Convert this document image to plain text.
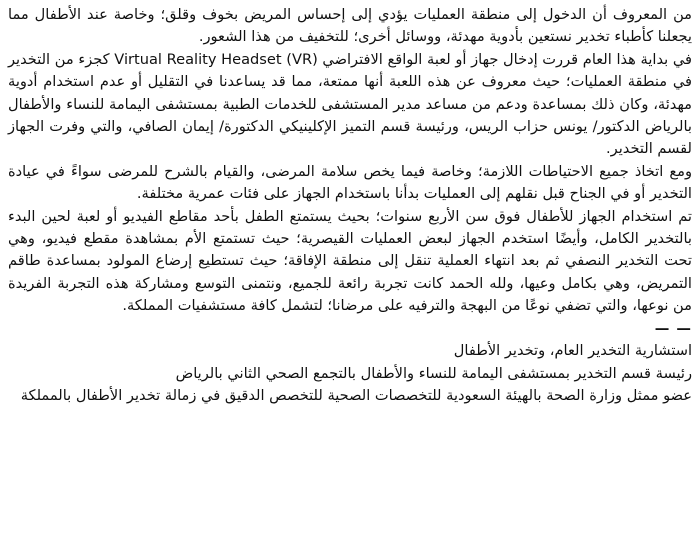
من المعروف أن الدخول إلى منطقة العمليات يؤدي إلى إحساس المريض بخوف وقلق؛ وخاصة عند الأطفال مما يجعلنا كأطباء تخدير نستعين بأدوية مهدئة، ووسائل أخرى؛ للتخفيف من هذا الشعور.

في بداية هذا العام قررت إدخال جهاز أو لعبة الواقع الافتراضي Virtual Reality Headset (VR) كجزء من التخدير في منطقة العمليات؛ حيث معروف عن هذه اللعبة أنها ممتعة، مما قد يساعدنا في التقليل أو عدم استخدام أدوية مهدئة، وكان ذلك بمساعدة ودعم من مساعد مدير المستشفى للخدمات الطبية بمستشفى اليمامة للنساء والأطفال بالرياض الدكتور/ يونس حزاب الريس، ورئيسة قسم التميز الإكلينيكي الدكتورة/ إيمان الصافي، والتي وفرت الجهاز لقسم التخدير.

ومع اتخاذ جميع الاحتياطات اللازمة؛ وخاصة فيما يخص سلامة المرضى، والقيام بالشرح للمرضى سواءً في عيادة التخدير أو في الجناح قبل نقلهم إلى العمليات بدأنا باستخدام الجهاز على فئات عمرية مختلفة.

تم استخدام الجهاز للأطفال فوق سن الأربع سنوات؛ بحيث يستمتع الطفل بأحد مقاطع الفيديو أو لعبة لحين البدء بالتخدير الكامل، وأيضًا استخدم الجهاز لبعض العمليات القيصرية؛ حيث تستمتع الأم بمشاهدة مقطع فيديو، وهي تحت التخدير النصفي ثم بعد انتهاء العملية تنقل إلى منطقة الإفاقة؛ حيث تستطيع إرضاع المولود بمساعدة طاقم التمريض، وهي بكامل وعيها، ولله الحمد كانت تجربة رائعة للجميع، ونتمنى التوسع ومشاركة هذه التجربة الفريدة من نوعها، والتي تضفي نوعًا من البهجة والترفيه على مرضانا؛ لتشمل كافة مستشفيات المملكة.

— —

استشارية التخدير العام، وتخدير الأطفال

رئيسة قسم التخدير بمستشفى اليمامة للنساء والأطفال بالتجمع الصحي الثاني بالرياض

عضو ممثل وزارة الصحة بالهيئة السعودية للتخصصات الصحية للتخصص الدقيق في زمالة تخدير الأطفال بالمملكة
